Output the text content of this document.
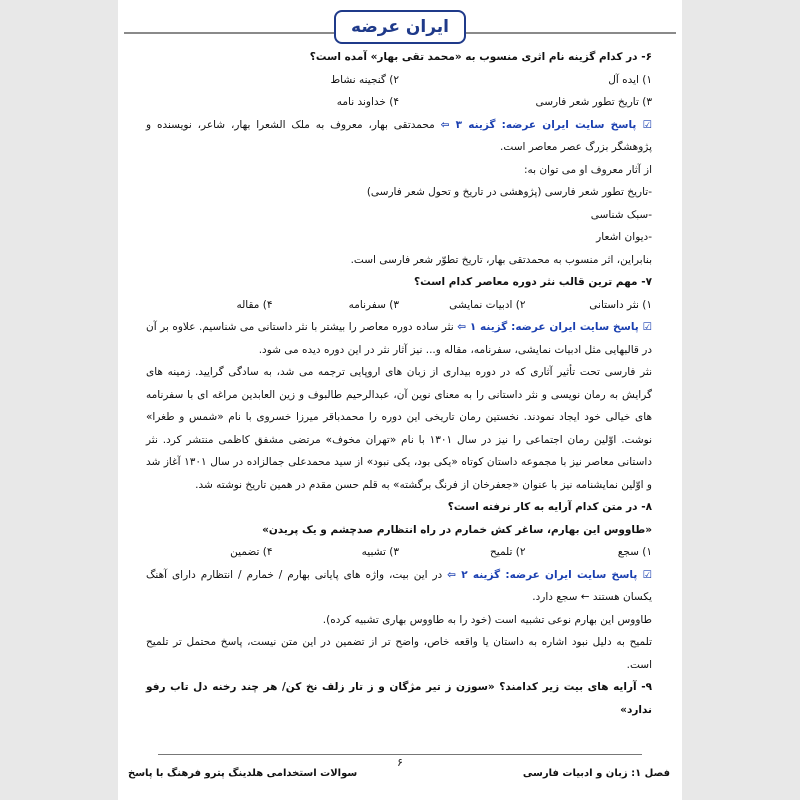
ایران عرضه

۶- در کدام گزینه نام اثری منسوب به «محمد تقی بهار» آمده است؟

۱) ایده آل
۲) گنجینه نشاط
۳) تاریخ تطور شعر فارسی
۴) خداوند نامه

☑ پاسخ سایت ایران عرضه: گزینه ۳ ⇦ محمدتقی بهار، معروف به ملک الشعرا بهار، شاعر، نویسنده و پژوهشگر بزرگ عصر معاصر است.

از آثار معروف او می توان به:

-تاریخ تطور شعر فارسی (پژوهشی در تاریخ و تحول شعر فارسی)

-سبک شناسی

-دیوان اشعار

بنابراین، اثر منسوب به محمدتقی بهار، تاریخ تطوّر شعر فارسی است.

۷- مهم ترین قالب نثر دوره معاصر کدام است؟

۱) نثر داستانی
۲) ادبیات نمایشی
۳) سفرنامه
۴) مقاله

☑ پاسخ سایت ایران عرضه: گزینه ۱ ⇦ نثر ساده دوره معاصر را بیشتر با نثر داستانی می شناسیم. علاوه بر آن در قالبهایی مثل ادبیات نمایشی، سفرنامه، مقاله و... نیز آثار نثر در این دوره دیده می شود.

نثر فارسی تحت تأثیر آثاری که در دوره بیداری از زبان های اروپایی ترجمه می شد، به سادگی گرایید. زمینه های گرایش به رمان نویسی و نثر داستانی را به معنای نوین آن، عبدالرحیم طالبوف و زین العابدین مراغه ای با سفرنامه های خیالی خود ایجاد نمودند. نخستین رمان تاریخی این دوره را محمدباقر میرزا خسروی با نام «شمس و طغرا» نوشت. اوّلین رمان اجتماعی را نیز در سال ۱۳۰۱ با نام «تهران مخوف» مرتضی مشفق کاظمی منتشر کرد. نثر داستانی معاصر نیز با مجموعه داستان کوتاه «یکی بود، یکی نبود» از سید محمدعلی جمالزاده در سال ۱۳۰۱ آغاز شد و اوّلین نمایشنامه نیز با عنوان «جعفرخان از فرنگ برگشته» به قلم حسن مقدم در همین تاریخ نوشته شد.

۸- در متن کدام آرایه به کار نرفته است؟

«طاووس این بهارم، ساغر کش خمارم در راه انتظارم صدچشم و یک پریدن»

۱) سجع
۲) تلمیح
۳) تشبیه
۴) تضمین

☑ پاسخ سایت ایران عرضه: گزینه ۲ ⇦ در این بیت، واژه های پایانی بهارم / خمارم / انتظارم دارای آهنگ یکسان هستند ← سجع دارد.

طاووس این بهارم نوعی تشبیه است (خود را به طاووس بهاری تشبیه کرده).

تلمیح به دلیل نبود اشاره به داستان یا واقعه خاص، واضح تر از تضمین در این متن نیست، پاسخ محتمل تر تلمیح است.

۹- آرایه های بیت زیر کدامند؟ «سوزن ز تیر مژگان و ز تار زلف نخ کن/ هر چند رخنه دل تاب رفو ندارد»

۶
سوالات استخدامی هلدینگ پترو فرهنگ با پاسخ	فصل ۱: زبان و ادبیات فارسی
